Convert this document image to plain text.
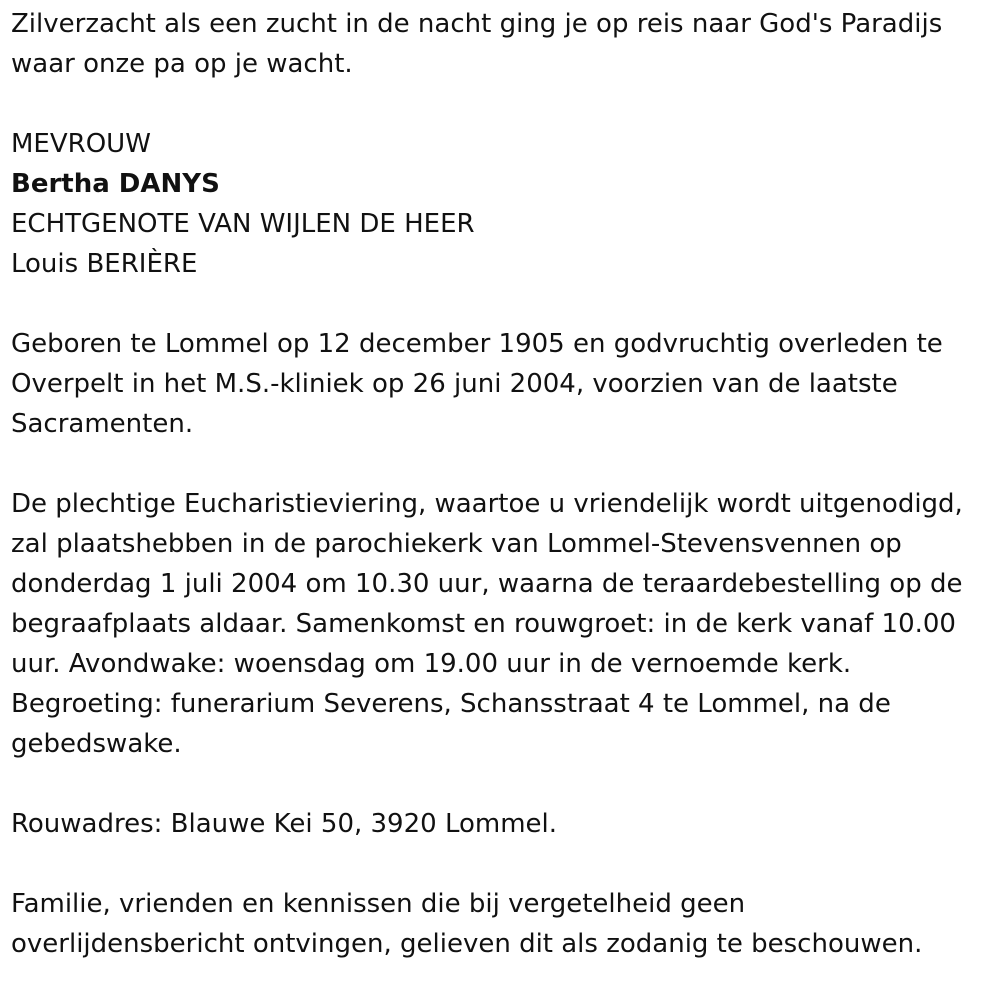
Zilverzacht als een zucht in de nacht ging je op reis naar God's Paradijs

waar onze pa op je wacht.

MEVROUW

Bertha DANYS

ECHTGENOTE VAN WIJLEN DE HEER

Louis BERIÈRE

Geboren te Lommel op 12 december 1905 en godvruchtig overleden te

Overpelt in het M.S.-kliniek op 26 juni 2004, voorzien van de laatste

Sacramenten.

De plechtige Eucharistieviering, waartoe u vriendelijk wordt uitgenodigd,

zal plaatshebben in de parochiekerk van Lommel-Stevensvennen op

donderdag 1 juli 2004 om 10.30 uur, waarna de teraardebestelling op de

begraafplaats aldaar. Samenkomst en rouwgroet: in de kerk vanaf 10.00

uur. Avondwake: woensdag om 19.00 uur in de vernoemde kerk.

Begroeting: funerarium Severens, Schansstraat 4 te Lommel, na de

gebedswake.

Rouwadres: Blauwe Kei 50, 3920 Lommel.

Familie, vrienden en kennissen die bij vergetelheid geen

overlijdensbericht ontvingen, gelieven dit als zodanig te beschouwen.
